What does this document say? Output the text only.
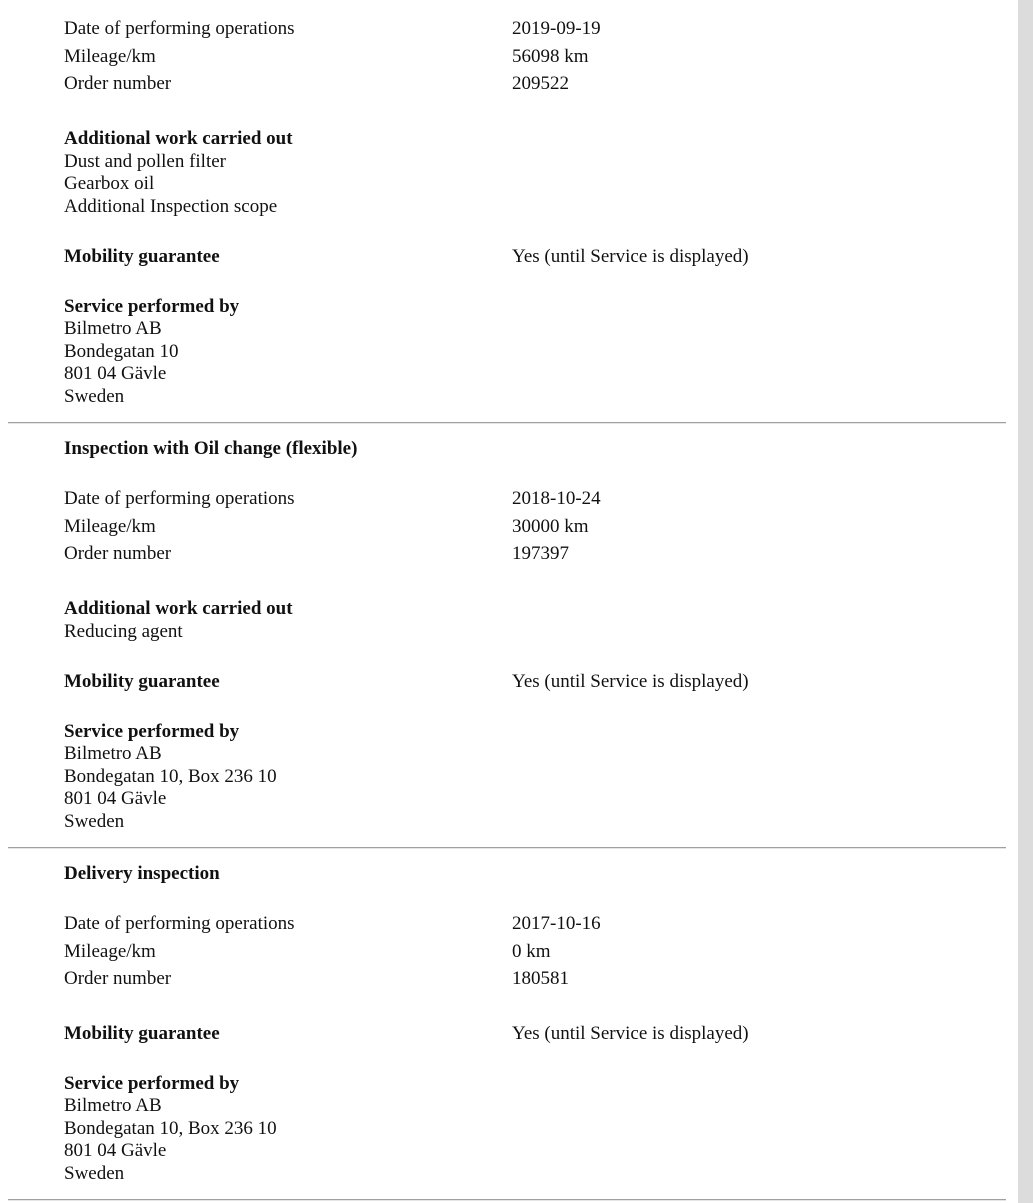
Date of performing operations	2019-09-19
Mileage/km	56098 km
Order number	209522
Additional work carried out
Dust and pollen filter
Gearbox oil
Additional Inspection scope
Mobility guarantee	Yes (until Service is displayed)
Service performed by
Bilmetro AB
Bondegatan 10
801 04 Gävle
Sweden
Inspection with Oil change (flexible)
Date of performing operations	2018-10-24
Mileage/km	30000 km
Order number	197397
Additional work carried out
Reducing agent
Mobility guarantee	Yes (until Service is displayed)
Service performed by
Bilmetro AB
Bondegatan 10, Box 236 10
801 04 Gävle
Sweden
Delivery inspection
Date of performing operations	2017-10-16
Mileage/km	0 km
Order number	180581
Mobility guarantee	Yes (until Service is displayed)
Service performed by
Bilmetro AB
Bondegatan 10, Box 236 10
801 04 Gävle
Sweden
